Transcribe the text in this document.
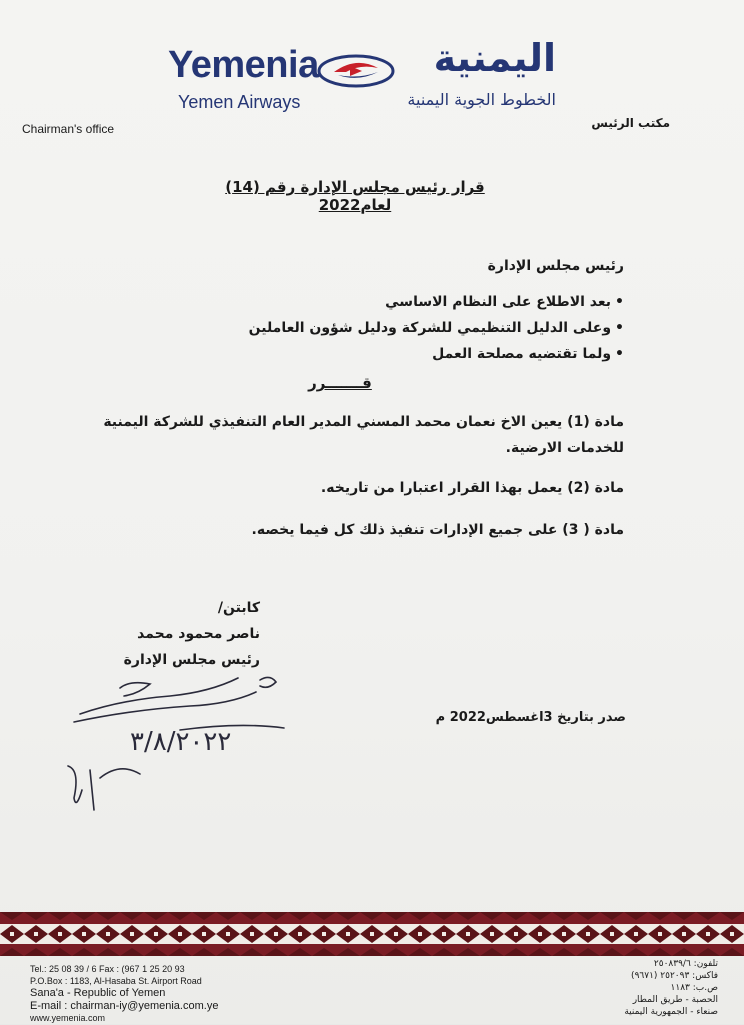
Yemenia	اليمنية
Yemen Airways	الخطوط الجوية اليمنية
Chairman's office	مكتب الرئيس
قرار رئيس مجلس الإدارة رقم (14) لعام2022
رئيس مجلس الإدارة
• بعد الاطلاع على النظام الاساسي
• وعلى الدليل التنظيمي للشركة ودليل شؤون العاملين
• ولما تقتضيه مصلحة العمل
قـــــــرر
مادة (1) يعين الاخ نعمان محمد المسني المدير العام التنفيذي للشركة اليمنية
للخدمات الارضية.
مادة (2) يعمل بهذا القرار اعتبارا من تاريخه.
مادة ( 3) على جميع الإدارات تنفيذ ذلك كل فيما يخصه.
كابتن/
ناصر محمود محمد
رئيس مجلس الإدارة
٣/٨/٢٠٢٢
صدر بتاريخ 3اغسطس2022 م
Tel.: 25 08 39 / 6 Fax : (967 1 25 20 93
P.O.Box : 1183, Al-Hasaba St. Airport Road
Sana'a - Republic of Yemen
E-mail : chairman-iy@yemenia.com.ye
www.yemenia.com
تلفون: ٢٥٠٨٣٩/٦
فاكس: ٢٥٢٠٩٣ (٩٦٧١)
ص.ب: ١١٨٣
الحصبة - طريق المطار
صنعاء - الجمهورية اليمنية
